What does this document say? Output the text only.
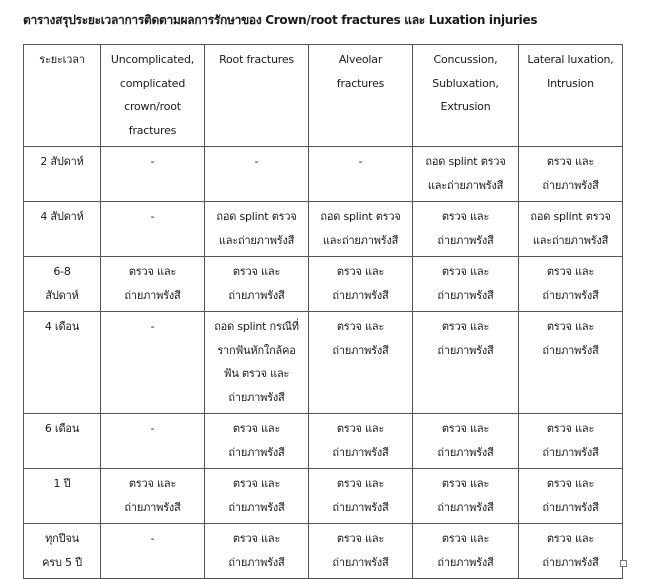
ตารางสรุประยะเวลาการติดตามผลการรักษาของ Crown/root fractures และ Luxation injuries
ระยะเวลา	Uncomplicated,
complicated
crown/root
fractures	Root fractures	Alveolar
fractures	Concussion,
Subluxation,
Extrusion	Lateral luxation,
Intrusion

2 สัปดาห์	-	-	-	ถอด splint ตรวจ
และถ่ายภาพรังสี	ตรวจ และ
ถ่ายภาพรังสี

4 สัปดาห์	-	ถอด splint ตรวจ
และถ่ายภาพรังสี	ถอด splint ตรวจ
และถ่ายภาพรังสี	ตรวจ และ
ถ่ายภาพรังสี	ถอด splint ตรวจ
และถ่ายภาพรังสี

6-8
สัปดาห์	ตรวจ และ
ถ่ายภาพรังสี	ตรวจ และ
ถ่ายภาพรังสี	ตรวจ และ
ถ่ายภาพรังสี	ตรวจ และ
ถ่ายภาพรังสี	ตรวจ และ
ถ่ายภาพรังสี

4 เดือน	-	ถอด splint กรณีที่
รากฟันหักใกล้คอ
ฟัน ตรวจ และ
ถ่ายภาพรังสี	ตรวจ และ
ถ่ายภาพรังสี	ตรวจ และ
ถ่ายภาพรังสี	ตรวจ และ
ถ่ายภาพรังสี

6 เดือน	-	ตรวจ และ
ถ่ายภาพรังสี	ตรวจ และ
ถ่ายภาพรังสี	ตรวจ และ
ถ่ายภาพรังสี	ตรวจ และ
ถ่ายภาพรังสี

1 ปี	ตรวจ และ
ถ่ายภาพรังสี	ตรวจ และ
ถ่ายภาพรังสี	ตรวจ และ
ถ่ายภาพรังสี	ตรวจ และ
ถ่ายภาพรังสี	ตรวจ และ
ถ่ายภาพรังสี

ทุกปีจน
ครบ 5 ปี	-	ตรวจ และ
ถ่ายภาพรังสี	ตรวจ และ
ถ่ายภาพรังสี	ตรวจ และ
ถ่ายภาพรังสี	ตรวจ และ
ถ่ายภาพรังสี
